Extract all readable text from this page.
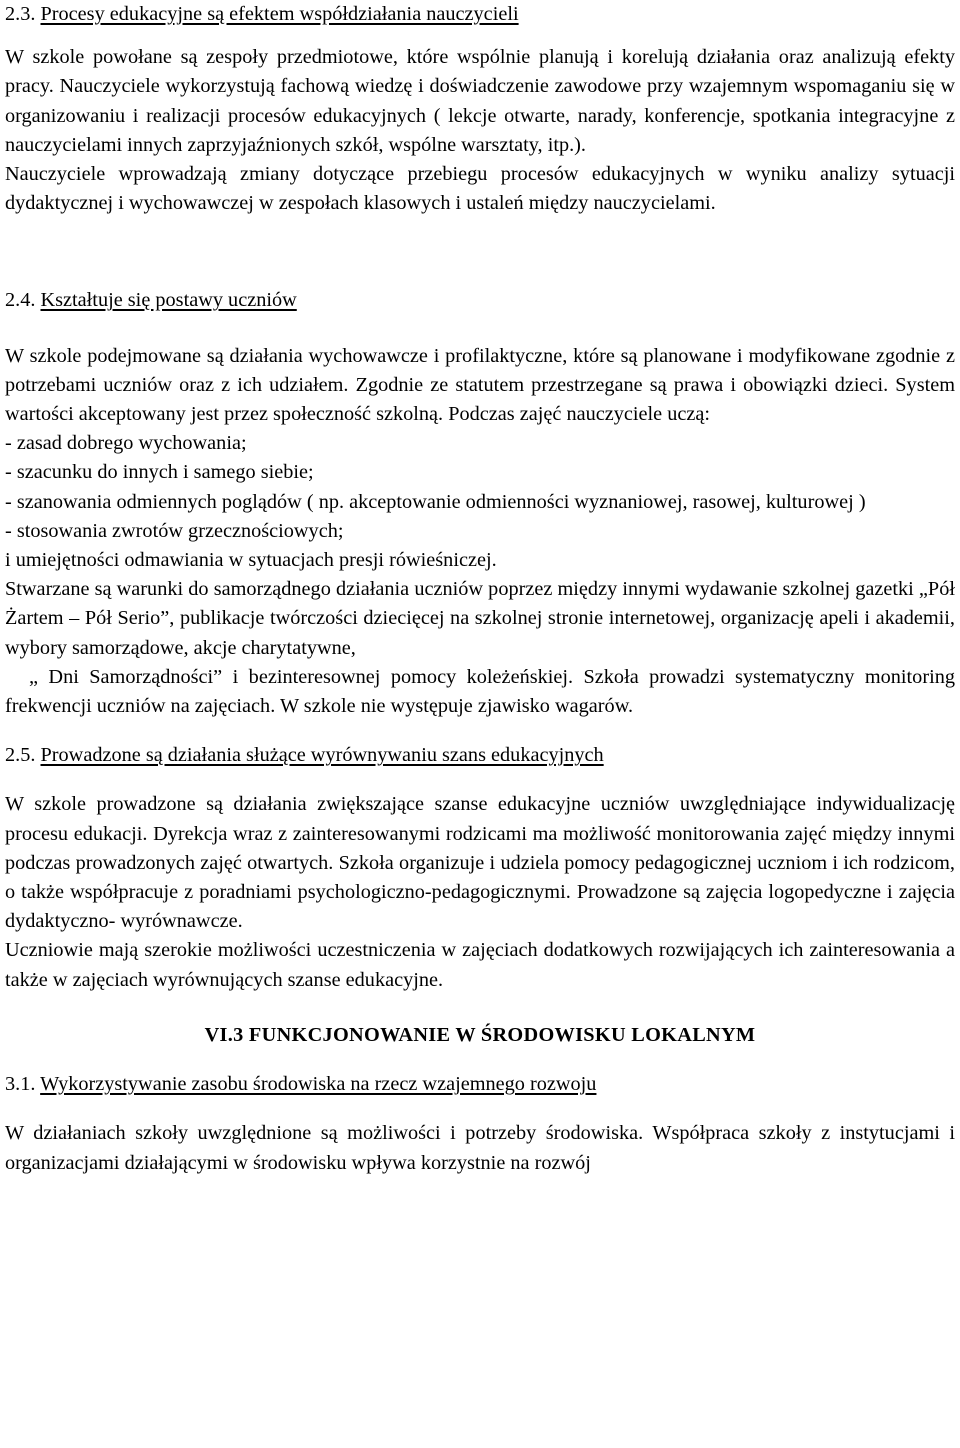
2.3. Procesy edukacyjne są efektem współdziałania nauczycieli

W szkole powołane są zespoły przedmiotowe, które wspólnie planują i korelują działania oraz analizują efekty pracy. Nauczyciele wykorzystują fachową wiedzę i doświadczenie zawodowe przy wzajemnym wspomaganiu się w organizowaniu i realizacji procesów edukacyjnych ( lekcje otwarte, narady, konferencje, spotkania integracyjne z nauczycielami innych zaprzyjaźnionych szkół, wspólne warsztaty, itp.).

Nauczyciele wprowadzają zmiany dotyczące przebiegu procesów edukacyjnych w wyniku analizy sytuacji dydaktycznej i wychowawczej w zespołach klasowych i ustaleń między nauczycielami.

2.4. Kształtuje się postawy uczniów

W szkole podejmowane są działania wychowawcze i profilaktyczne, które są planowane i modyfikowane zgodnie z potrzebami uczniów oraz z ich udziałem. Zgodnie ze statutem przestrzegane są prawa i obowiązki dzieci. System wartości akceptowany jest przez społeczność szkolną. Podczas zajęć nauczyciele uczą:

- zasad dobrego wychowania;
- szacunku do innych i samego siebie;
- szanowania odmiennych poglądów ( np. akceptowanie odmienności wyznaniowej, rasowej, kulturowej )
- stosowania zwrotów grzecznościowych;
i umiejętności odmawiania w sytuacjach presji rówieśniczej.

Stwarzane są warunki do samorządnego działania uczniów poprzez między innymi wydawanie szkolnej gazetki „Pół Żartem – Pół Serio”, publikacje twórczości dziecięcej na szkolnej stronie internetowej, organizację apeli i akademii, wybory samorządowe, akcje charytatywne,

„ Dni Samorządności” i bezinteresownej pomocy koleżeńskiej. Szkoła prowadzi systematyczny monitoring frekwencji uczniów na zajęciach. W szkole nie występuje zjawisko wagarów.

2.5. Prowadzone są działania służące wyrównywaniu szans edukacyjnych

W szkole prowadzone są działania zwiększające szanse edukacyjne uczniów uwzględniające indywidualizację procesu edukacji. Dyrekcja wraz z zainteresowanymi rodzicami ma możliwość monitorowania zajęć między innymi podczas prowadzonych zajęć otwartych. Szkoła organizuje i udziela pomocy pedagogicznej uczniom i ich rodzicom, o także współpracuje z poradniami psychologiczno-pedagogicznymi. Prowadzone są zajęcia logopedyczne i zajęcia dydaktyczno- wyrównawcze.

Uczniowie mają szerokie możliwości uczestniczenia w zajęciach dodatkowych rozwijających ich zainteresowania a także w zajęciach wyrównujących szanse edukacyjne.

VI.3 FUNKCJONOWANIE W ŚRODOWISKU LOKALNYM

3.1. Wykorzystywanie zasobu środowiska na rzecz wzajemnego rozwoju

W działaniach szkoły uwzględnione są możliwości i potrzeby środowiska. Współpraca szkoły z instytucjami i organizacjami działającymi w środowisku wpływa korzystnie na rozwój
